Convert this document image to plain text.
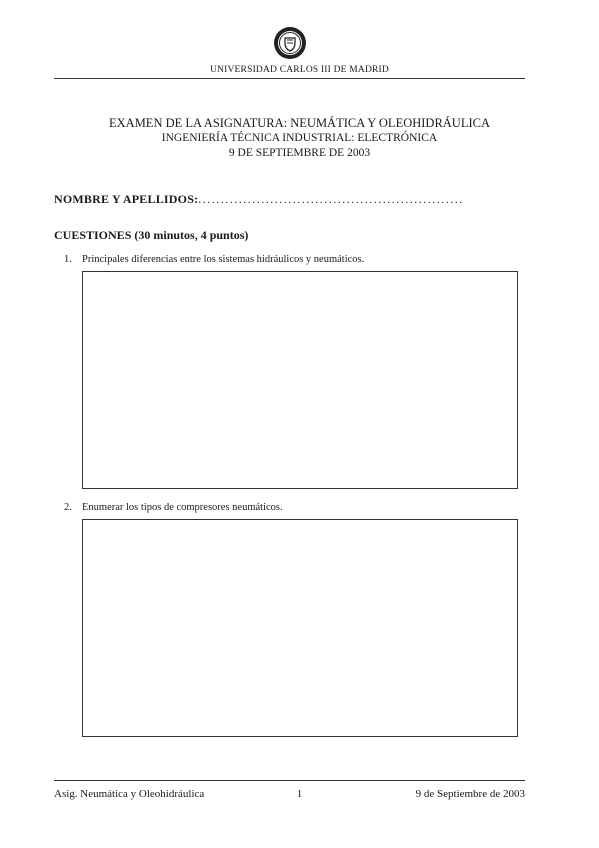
UNIVERSIDAD CARLOS III DE MADRID
EXAMEN DE LA ASIGNATURA: NEUMÁTICA Y OLEOHIDRÁULICA
INGENIERÍA TÉCNICA INDUSTRIAL: ELECTRÓNICA
9 DE SEPTIEMBRE DE 2003
NOMBRE Y APELLIDOS:...........................................................
CUESTIONES (30 minutos, 4 puntos)
1. Principales diferencias entre los sistemas hidráulicos y neumáticos.
2. Enumerar los tipos de compresores neumáticos.
Asig. Neumática y Oleohidráulica	1	9 de Septiembre de 2003
